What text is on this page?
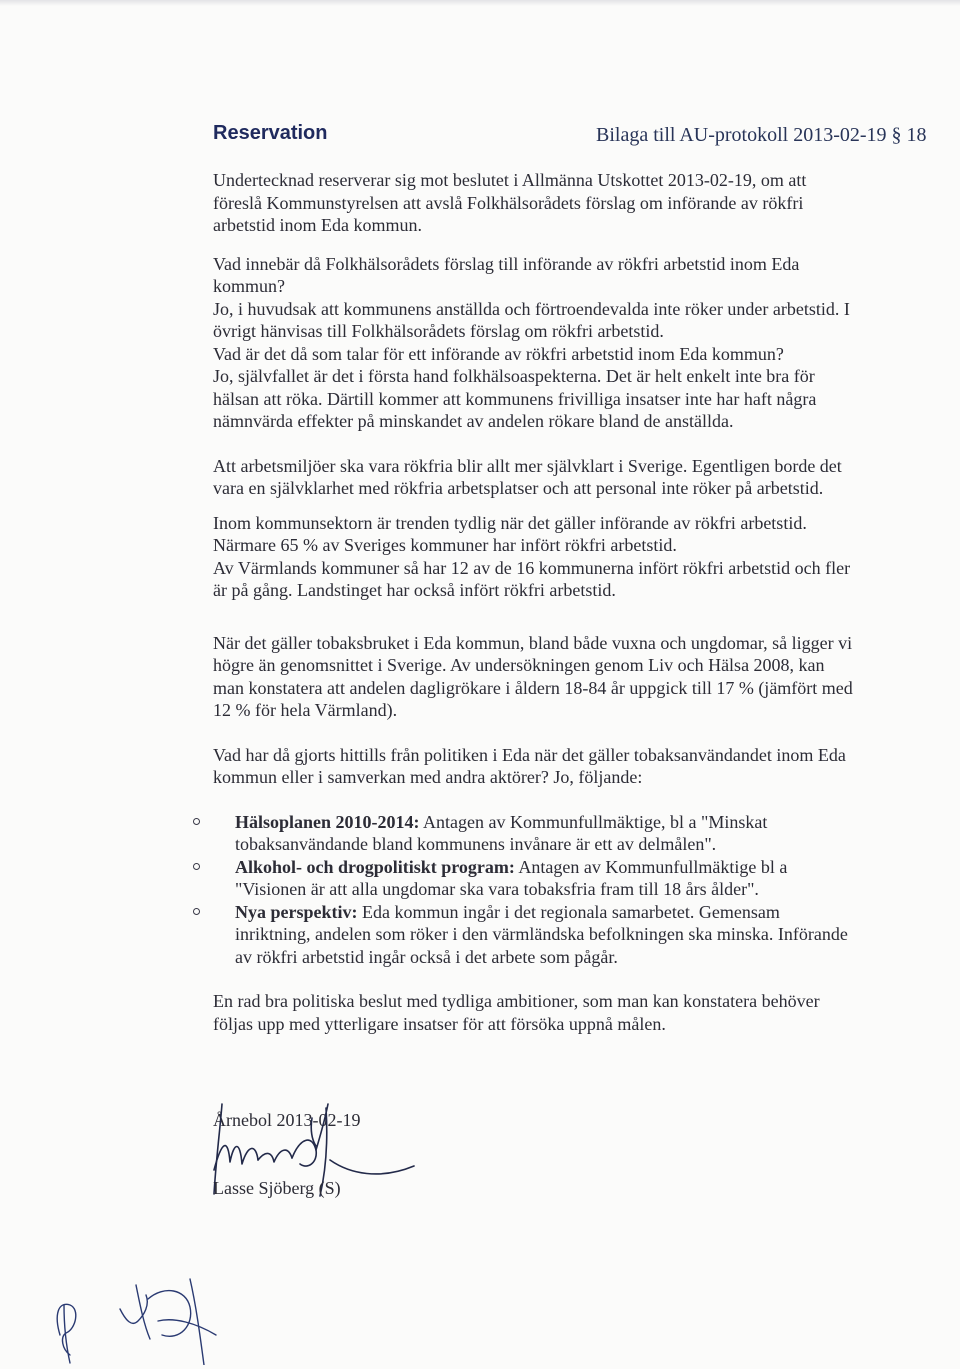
Reservation	Bilaga till AU-protokoll 2013-02-19 § 18

Undertecknad reserverar sig mot beslutet i Allmänna Utskottet 2013-02-19, om att föreslå Kommunstyrelsen att avslå Folkhälsorådets förslag om införande av rökfri arbetstid inom Eda kommun.

Vad innebär då Folkhälsorådets förslag till införande av rökfri arbetstid inom Eda kommun?

Jo, i huvudsak att kommunens anställda och förtroendevalda inte röker under arbetstid. I övrigt hänvisas till Folkhälsorådets förslag om rökfri arbetstid.

Vad är det då som talar för ett införande av rökfri arbetstid inom Eda kommun?

Jo, självfallet är det i första hand folkhälsoaspekterna. Det är helt enkelt inte bra för hälsan att röka. Därtill kommer att kommunens frivilliga insatser inte har haft några nämnvärda effekter på minskandet av andelen rökare bland de anställda.

Att arbetsmiljöer ska vara rökfria blir allt mer självklart i Sverige. Egentligen borde det vara en självklarhet med rökfria arbetsplatser och att personal inte röker på arbetstid.

Inom kommunsektorn är trenden tydlig när det gäller införande av rökfri arbetstid. Närmare 65 % av Sveriges kommuner har infört rökfri arbetstid.

Av Värmlands kommuner så har 12 av de 16 kommunerna infört rökfri arbetstid och fler är på gång. Landstinget har också infört rökfri arbetstid.

När det gäller tobaksbruket i Eda kommun, bland både vuxna och ungdomar, så ligger vi högre än genomsnittet i Sverige. Av undersökningen genom Liv och Hälsa 2008, kan man konstatera att andelen dagligrökare i åldern 18-84 år uppgick till 17 % (jämfört med 12 % för hela Värmland).

Vad har då gjorts hittills från politiken i Eda när det gäller tobaksanvändandet inom Eda kommun eller i samverkan med andra aktörer? Jo, följande:

Hälsoplanen 2010-2014: Antagen av Kommunfullmäktige, bl a "Minskat tobaksanvändande bland kommunens invånare är ett av delmålen".
Alkohol- och drogpolitiskt program: Antagen av Kommunfullmäktige bl a "Visionen är att alla ungdomar ska vara tobaksfria fram till 18 års ålder".
Nya perspektiv: Eda kommun ingår i det regionala samarbetet. Gemensam inriktning, andelen som röker i den värmländska befolkningen ska minska. Införande av rökfri arbetstid ingår också i det arbete som pågår.

En rad bra politiska beslut med tydliga ambitioner, som man kan konstatera behöver följas upp med ytterligare insatser för att försöka uppnå målen.

Årnebol 2013-02-19
Lasse Sjöberg (S)
